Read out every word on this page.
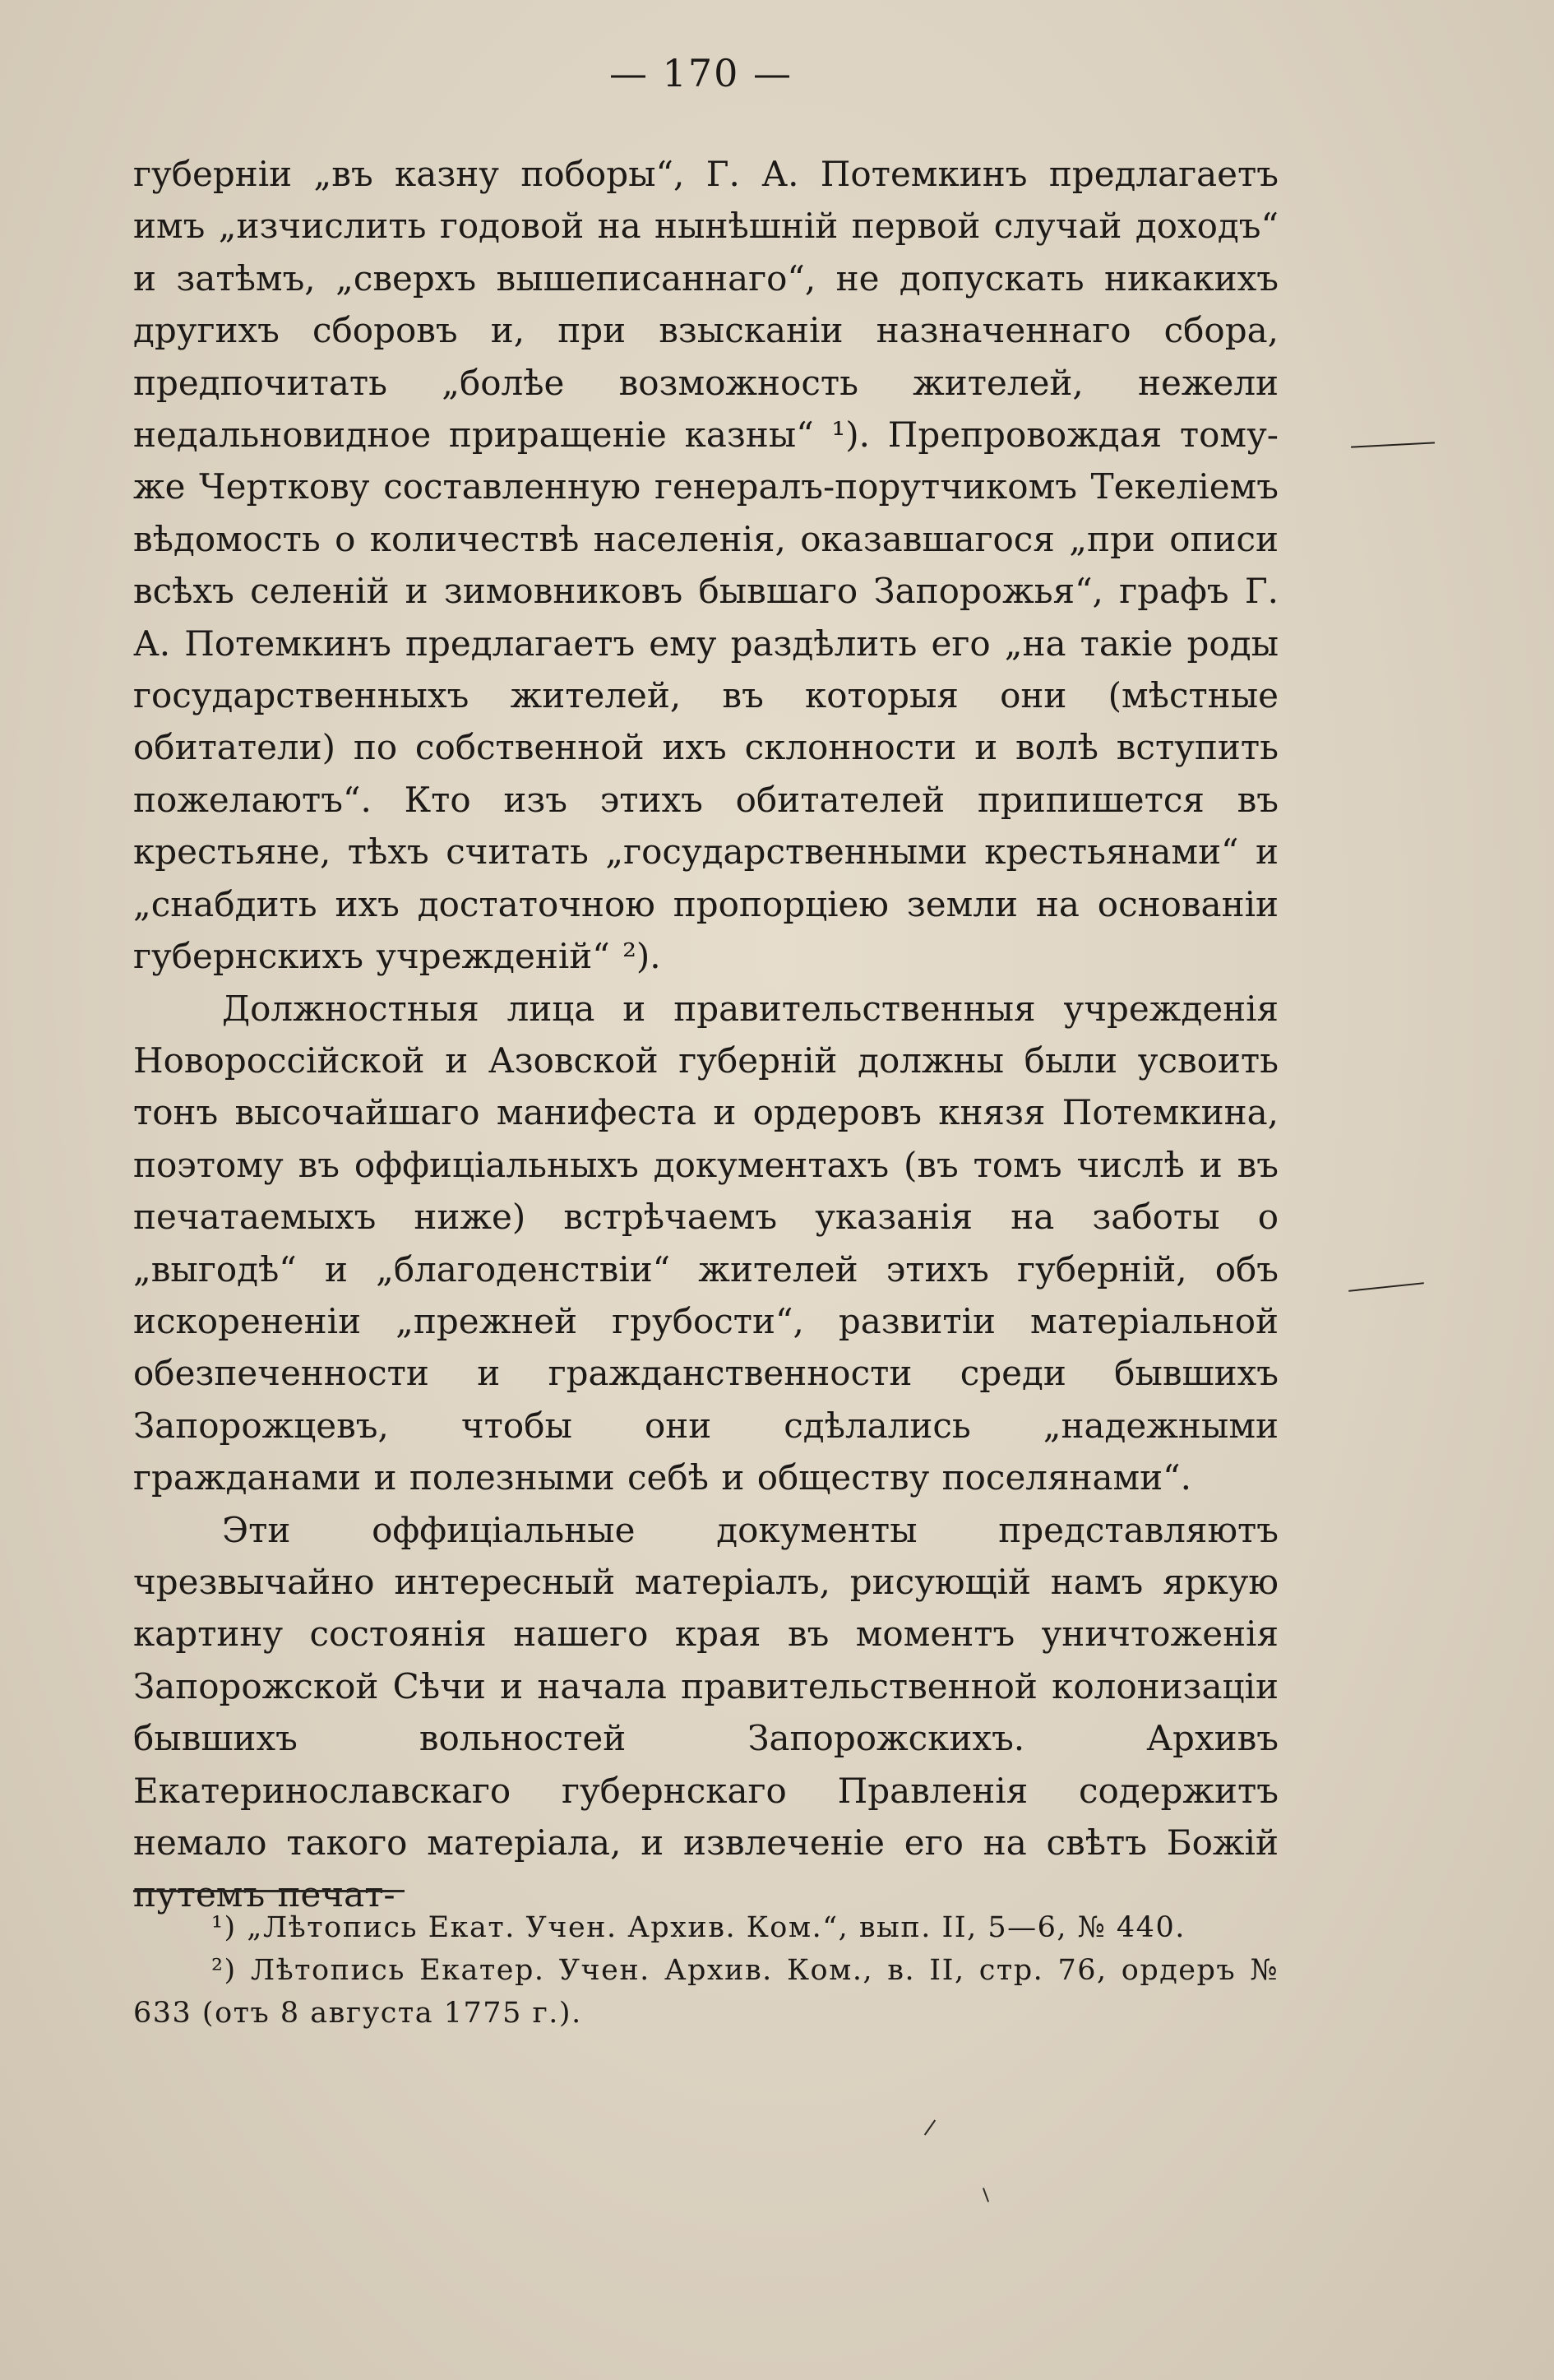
— 170 —

губерніи „въ казну поборы“, Г. А. Потемкинъ предлагаетъ имъ „изчислить годовой на нынѣшній первой случай доходъ“ и затѣмъ, „сверхъ вышеписаннаго“, не допускать никакихъ другихъ сборовъ и, при взысканіи назначеннаго сбора, предпочитать „болѣе возможность жителей, нежели недальновидное приращеніе казны“ ¹). Препровождая тому-же Черткову составленную генералъ-порутчикомъ Текеліемъ вѣдомость о количествѣ населенія, оказавшагося „при описи всѣхъ селеній и зимовниковъ бывшаго Запорожья“, графъ Г. А. Потемкинъ предлагаетъ ему раздѣлить его „на такіе роды государственныхъ жителей, въ которыя они (мѣстные обитатели) по собственной ихъ склонности и волѣ вступить пожелаютъ“. Кто изъ этихъ обитателей припишется въ крестьяне, тѣхъ считать „государственными крестьянами“ и „снабдить ихъ достаточною пропорціею земли на основаніи губернскихъ учрежденій“ ²).

Должностныя лица и правительственныя учрежденія Новороссійской и Азовской губерній должны были усвоить тонъ высочайшаго манифеста и ордеровъ князя Потемкина, поэтому въ оффиціальныхъ документахъ (въ томъ числѣ и въ печатаемыхъ ниже) встрѣчаемъ указанія на заботы о „выгодѣ“ и „благоденствіи“ жителей этихъ губерній, объ искорененіи „прежней грубости“, развитіи матеріальной обезпеченности и гражданственности среди бывшихъ Запорожцевъ, чтобы они сдѣлались „надежными гражданами и полезными себѣ и обществу поселянами“.

Эти оффиціальные документы представляютъ чрезвычайно интересный матеріалъ, рисующій намъ яркую картину состоянія нашего края въ моментъ уничтоженія Запорожской Сѣчи и начала правительственной колонизаціи бывшихъ вольностей Запорожскихъ. Архивъ Екатеринославскаго губернскаго Правленія содержитъ немало такого матеріала, и извлеченіе его на свѣтъ Божій путемъ печат-

¹) „Лѣтопись Екат. Учен. Архив. Ком.“, вып. II, 5—6, № 440.

²) Лѣтопись Екатер. Учен. Архив. Ком., в. II, стр. 76, ордеръ № 633 (отъ 8 августа 1775 г.).
